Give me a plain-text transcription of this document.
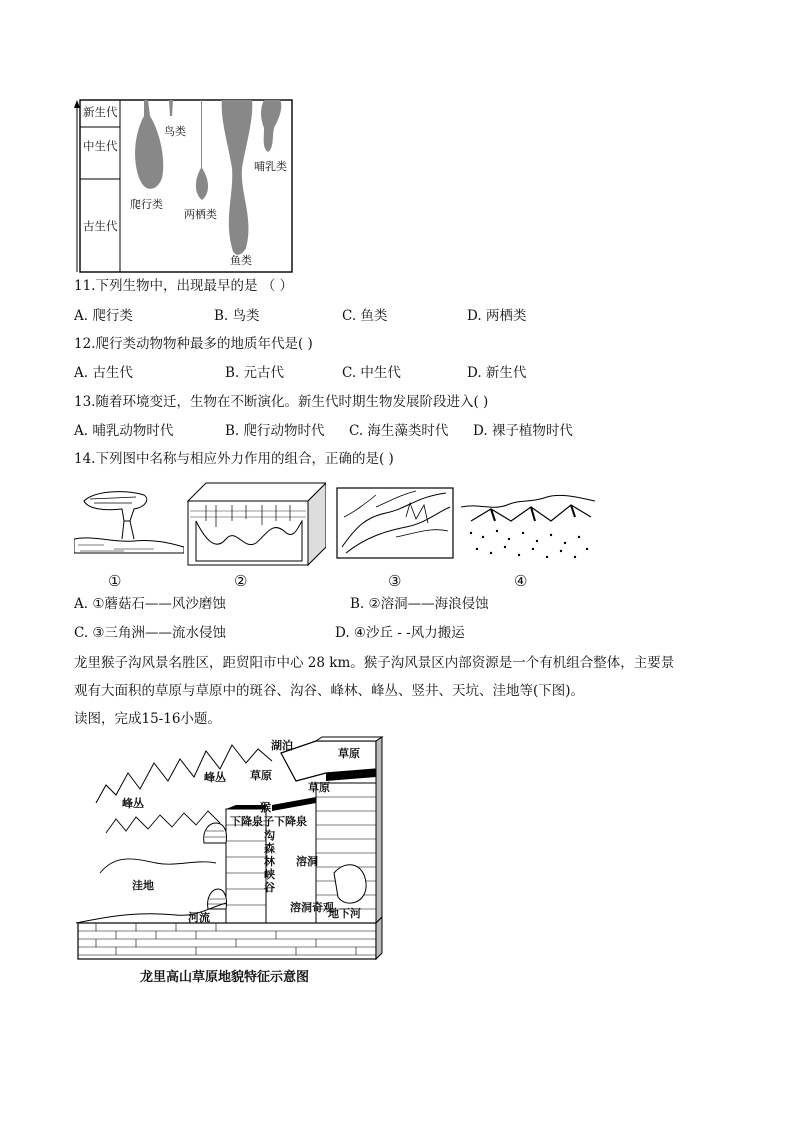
新生代
中生代
古生代
鸟类
爬行类
两栖类
哺乳类
鱼类
11.下列生物中，出现最早的是 （ ）
A. 爬行类	B. 鸟类	C. 鱼类	D. 两栖类
12.爬行类动物物种最多的地质年代是( )
A. 古生代	B. 元古代	C. 中生代	D. 新生代
13.随着环境变迁，生物在不断演化。新生代时期生物发展阶段进入( )
A. 哺乳动物时代	B. 爬行动物时代 C. 海生藻类时代 D. 裸子植物时代
14.下列图中名称与相应外力作用的组合，正确的是( )
①	②	③	④
A. ①蘑菇石——风沙磨蚀	B. ②溶洞——海浪侵蚀
C. ③三角洲——流水侵蚀	D. ④沙丘 - -风力搬运
龙里猴子沟风景名胜区，距贸阳市中心 28 km。猴子沟风景区内部资源是一个有机组合整体，主要景
观有大面积的草原与草原中的斑谷、沟谷、峰林、峰丛、竖井、天坑、洼地等(下图)。
读图，完成15-16小题。
湖泊
草原
草原
草原
峰丛
峰丛	猴
下降泉子下降泉
沟森林峡谷
溶洞
洼地
河流
溶洞奇观
地下河
龙里高山草原地貌特征示意图
